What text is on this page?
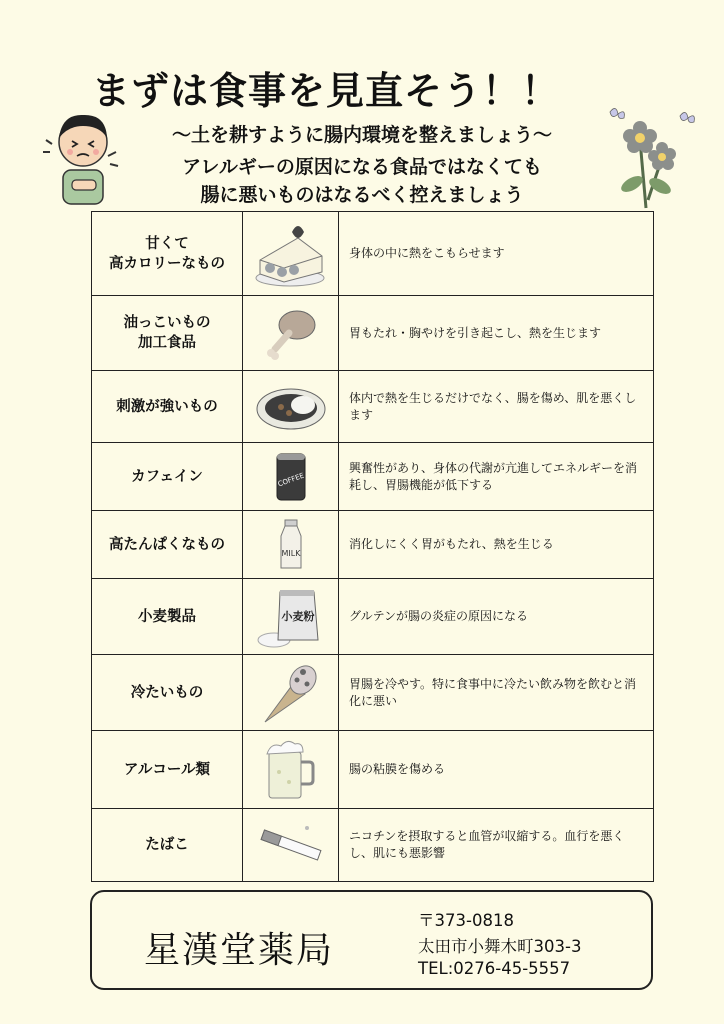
まずは食事を見直そう！！
～土を耕すように腸内環境を整えましょう～
アレルギーの原因になる食品ではなくても
腸に悪いものはなるべく控えましょう
甘くて
高カロリーなもの		身体の中に熱をこもらせます
油っこいもの
加工食品		胃もたれ・胸やけを引き起こし、熱を生じます
刺激が強いもの		体内で熱を生じるだけでなく、腸を傷め、肌を悪くします
カフェイン	COFFEE	興奮性があり、身体の代謝が亢進してエネルギーを消耗し、胃腸機能が低下する
高たんぱくなもの	MILK	消化しにくく胃がもたれ、熱を生じる
小麦製品	小麦粉	グルテンが腸の炎症の原因になる
冷たいもの		胃腸を冷やす。特に食事中に冷たい飲み物を飲むと消化に悪い
アルコール類		腸の粘膜を傷める
たばこ		ニコチンを摂取すると血管が収縮する。血行を悪くし、肌にも悪影響
星漢堂薬局
〒373-0818
太田市小舞木町303-3
TEL:0276-45-5557
